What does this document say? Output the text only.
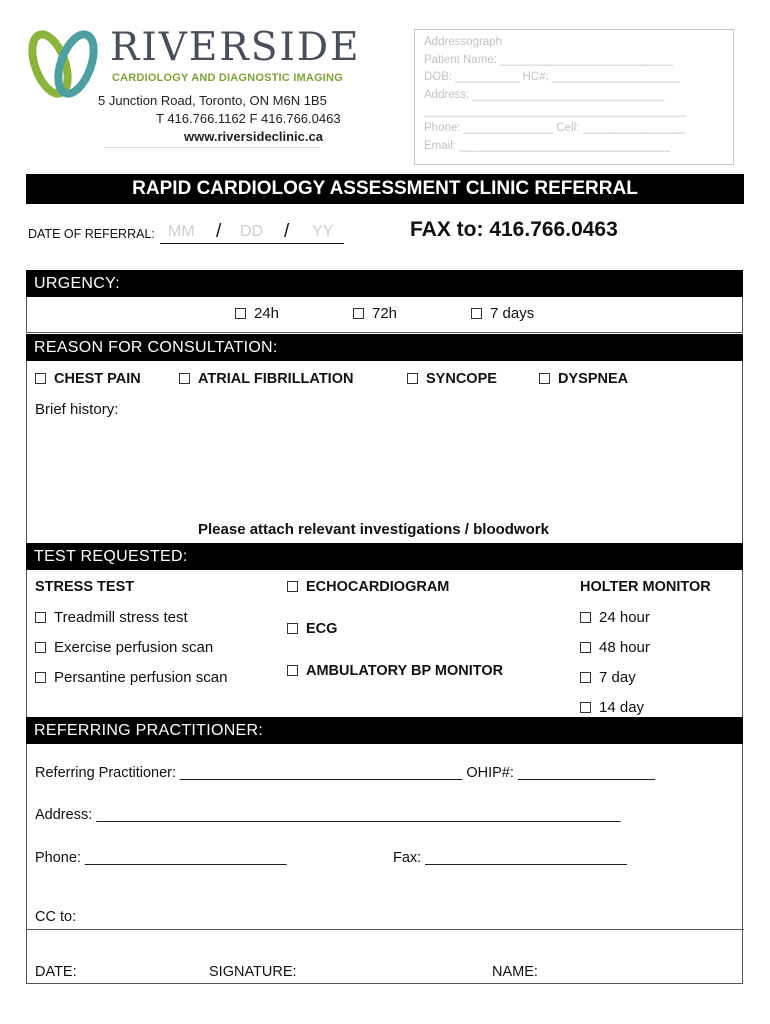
RIVERSIDE
CARDIOLOGY AND DIAGNOSTIC IMAGING
5 Junction Road, Toronto, ON M6N 1B5
T 416.766.1162 F 416.766.0463
www.riversideclinic.ca
Addressograph
Patient Name: ___________________________
DOB: __________ HC#: ____________________
Address: ______________________________
_________________________________________
Phone: ______________ Cell: ________________
Email: _________________________________
RAPID CARDIOLOGY ASSESSMENT CLINIC REFERRAL
DATE OF REFERRAL: MM / DD / YY	FAX to: 416.766.0463
URGENCY:
24h	72h	7 days
REASON FOR CONSULTATION:
CHEST PAIN	ATRIAL FIBRILLATION	SYNCOPE	DYSPNEA
Brief history:
Please attach relevant investigations / bloodwork
TEST REQUESTED:
STRESS TEST
Treadmill stress test
Exercise perfusion scan
Persantine perfusion scan
ECHOCARDIOGRAM
ECG
AMBULATORY BP MONITOR
HOLTER MONITOR
24 hour
48 hour
7 day
14 day
REFERRING PRACTITIONER:
Referring Practitioner: ___________________________________ OHIP#: _________________
Address: _________________________________________________________________
Phone: _________________________	Fax: _________________________
CC to:
DATE:	SIGNATURE:	NAME:
